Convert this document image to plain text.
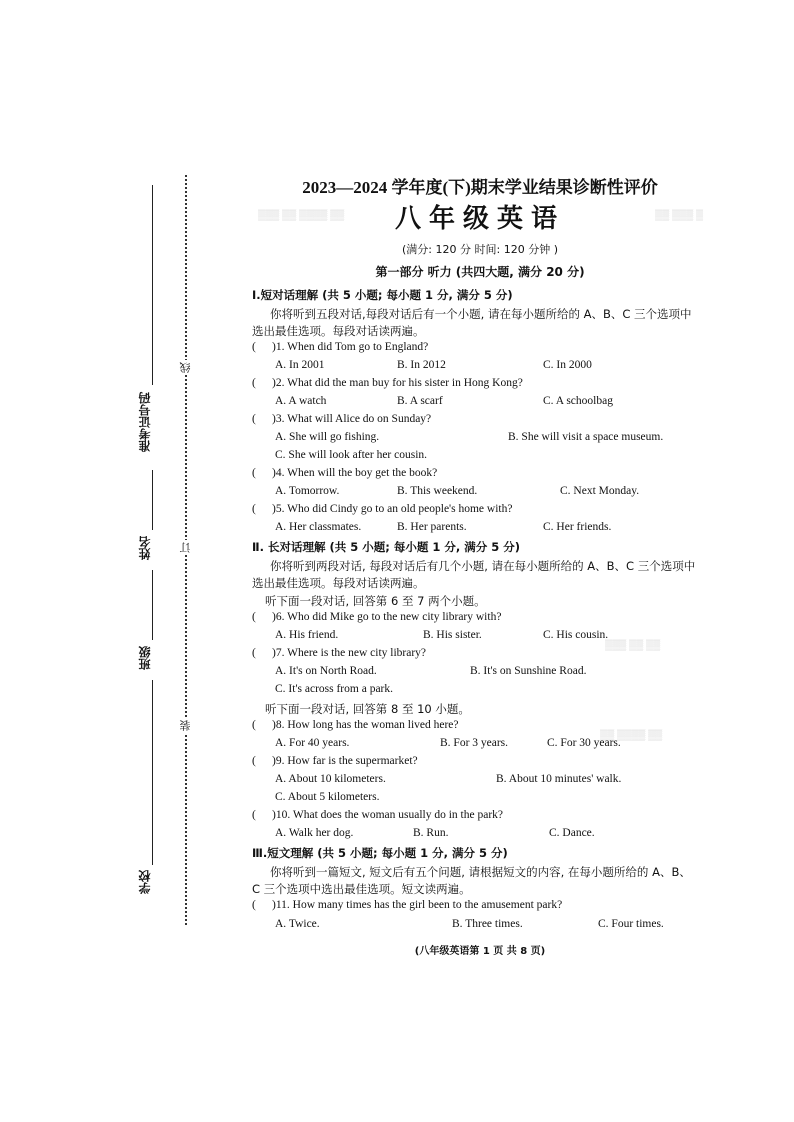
准考证号码
姓名
班级
学校
线
订
装
▒▒▒ ▒▒ ▒▒▒▒ ▒▒	▒▒ ▒▒▒ ▒
▒▒▒ ▒▒ ▒▒
▒▒ ▒▒▒▒ ▒▒
2023—2024 学年度(下)期末学业结果诊断性评价
八年级英语
(满分: 120 分 时间: 120 分钟 )
第一部分 听力 (共四大题, 满分 20 分)
Ⅰ.短对话理解 (共 5 小题; 每小题 1 分, 满分 5 分)
你将听到五段对话,每段对话后有一个小题, 请在每小题所给的 A、B、C 三个选项中
选出最佳选项。每段对话读两遍。
( )1. When did Tom go to England?
A. In 2001	B. In 2012	C. In 2000
( )2. What did the man buy for his sister in Hong Kong?
A. A watch	B. A scarf	C. A schoolbag
( )3. What will Alice do on Sunday?
A. She will go fishing.	B. She will visit a space museum.
C. She will look after her cousin.
( )4. When will the boy get the book?
A. Tomorrow.	B. This weekend.	C. Next Monday.
( )5. Who did Cindy go to an old people's home with?
A. Her classmates.	B. Her parents.	C. Her friends.
Ⅱ. 长对话理解 (共 5 小题; 每小题 1 分, 满分 5 分)
你将听到两段对话, 每段对话后有几个小题, 请在每小题所给的 A、B、C 三个选项中
选出最佳选项。每段对话读两遍。
听下面一段对话, 回答第 6 至 7 两个小题。
( )6. Who did Mike go to the new city library with?
A. His friend.	B. His sister.	C. His cousin.
( )7. Where is the new city library?
A. It's on North Road.	B. It's on Sunshine Road.
C. It's across from a park.
听下面一段对话, 回答第 8 至 10 小题。
( )8. How long has the woman lived here?
A. For 40 years.	B. For 3 years.	C. For 30 years.
( )9. How far is the supermarket?
A. About 10 kilometers.	B. About 10 minutes' walk.
C. About 5 kilometers.
( )10. What does the woman usually do in the park?
A. Walk her dog.	B. Run.	C. Dance.
Ⅲ.短文理解 (共 5 小题; 每小题 1 分, 满分 5 分)
你将听到一篇短文, 短文后有五个问题, 请根据短文的内容, 在每小题所给的 A、B、
C 三个选项中选出最佳选项。短文读两遍。
( )11. How many times has the girl been to the amusement park?
A. Twice.	B. Three times.	C. Four times.
(八年级英语第 1 页 共 8 页)
